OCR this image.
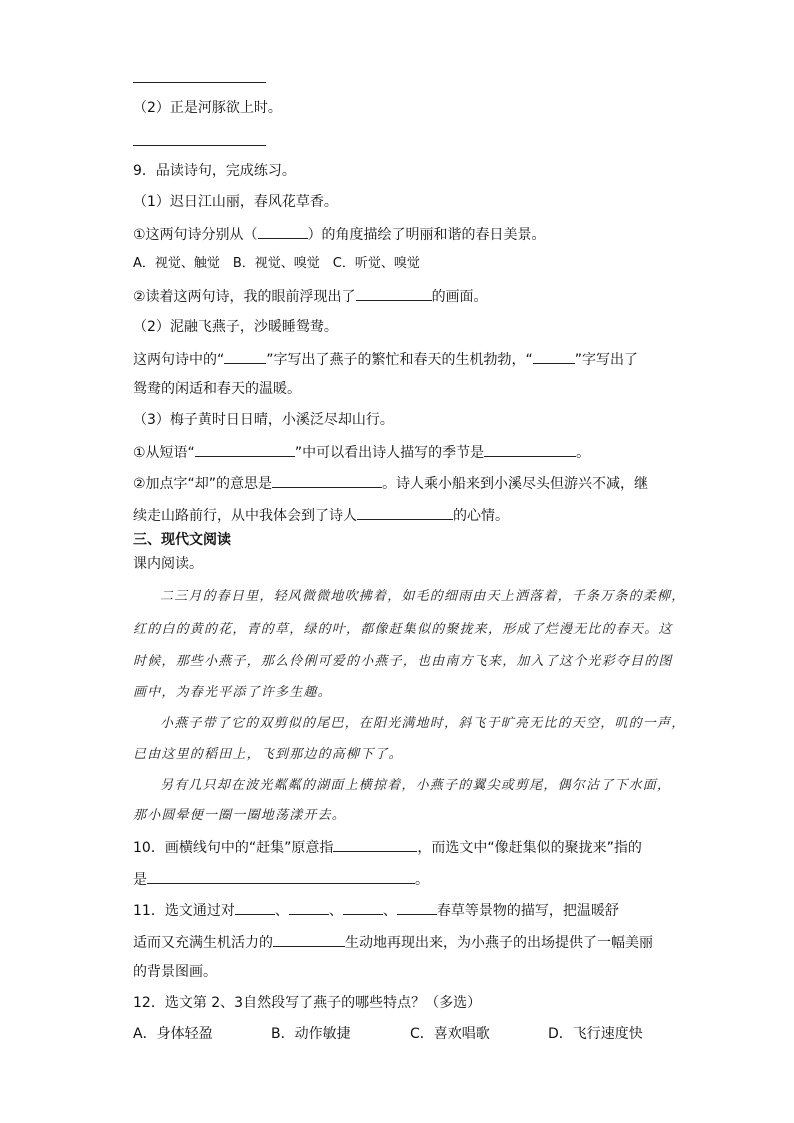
（2）正是河豚欲上时。
9．品读诗句，完成练习。
（1）迟日江山丽，春风花草香。
①这两句诗分别从（	）的角度描绘了明丽和谐的春日美景。
A．视觉、触觉　B．视觉、嗅觉　C．听觉、嗅觉
②读着这两句诗，我的眼前浮现出了	的画面。
（2）泥融飞燕子，沙暖睡鸳鸯。
这两句诗中的“	”字写出了燕子的繁忙和春天的生机勃勃，“	”字写出了
鸳鸯的闲适和春天的温暖。
（3）梅子黄时日日晴，小溪泛尽却山行。
①从短语“	”中可以看出诗人描写的季节是	。
②加点字“却”的意思是	。诗人乘小船来到小溪尽头但游兴不减，继
续走山路前行，从中我体会到了诗人	的心情。
三、现代文阅读
课内阅读。
二三月的春日里，轻风微微地吹拂着，如毛的细雨由天上洒落着，千条万条的柔柳，
红的白的黄的花，青的草，绿的叶，都像赶集似的聚拢来，形成了烂漫无比的春天。这
时候，那些小燕子，那么伶俐可爱的小燕子，也由南方飞来，加入了这个光彩夺目的图
画中，为春光平添了许多生趣。
小燕子带了它的双剪似的尾巴，在阳光满地时，斜飞于旷亮无比的天空，叽的一声，
已由这里的稻田上，飞到那边的高柳下了。
另有几只却在波光粼粼的湖面上横掠着，小燕子的翼尖或剪尾，偶尔沾了下水面，
那小圆晕便一圈一圈地荡漾开去。
10．画横线句中的“赶集”原意指	，而选文中“像赶集似的聚拢来”指的
是	。
11．选文通过对	、	、	、	春草等景物的描写，把温暖舒
适而又充满生机活力的	生动地再现出来，为小燕子的出场提供了一幅美丽
的背景图画。
12．选文第 2、3自然段写了燕子的哪些特点？（多选）
A．身体轻盈	B．动作敏捷	C．喜欢唱歌	D．飞行速度快
